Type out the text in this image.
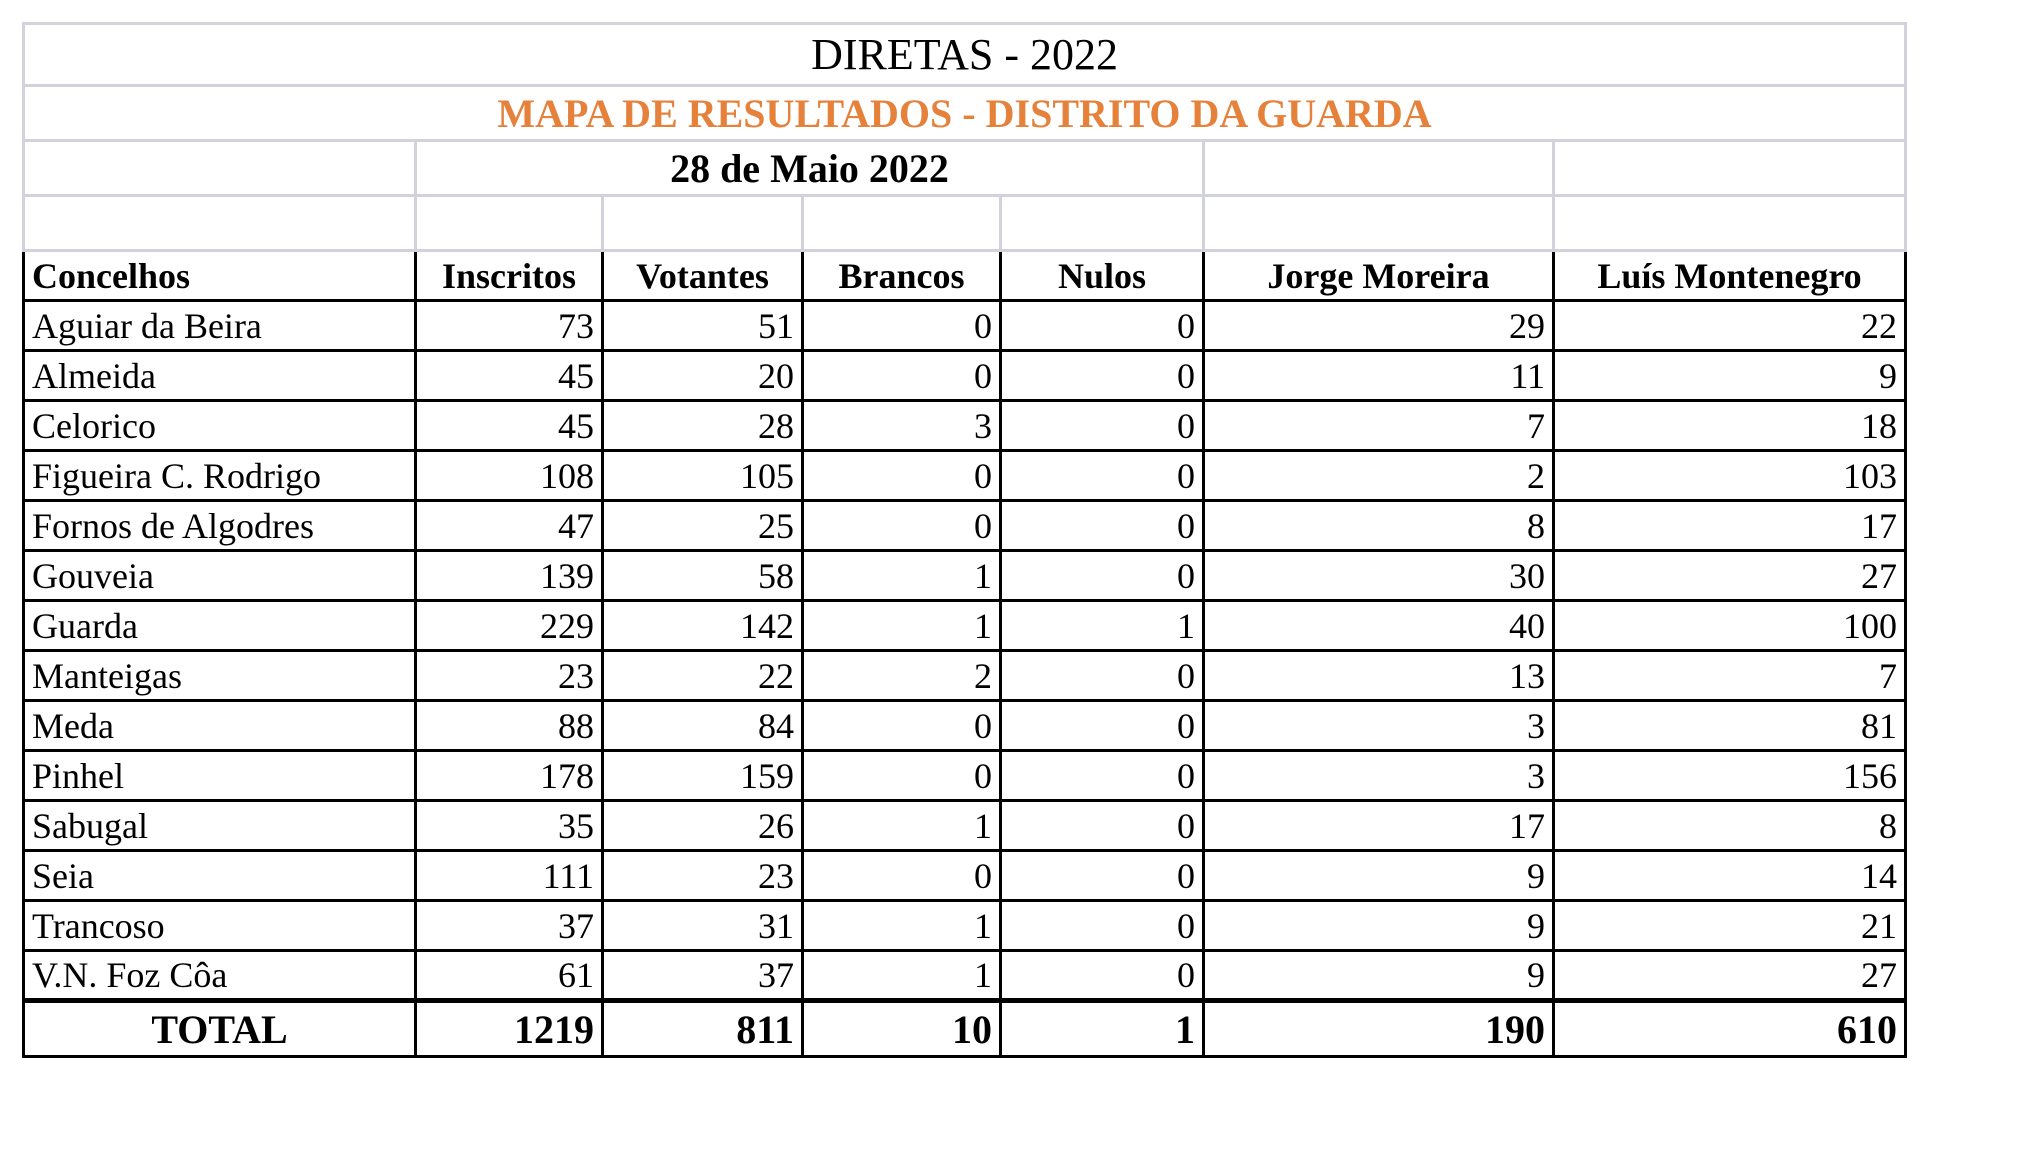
DIRETAS - 2022						
MAPA DE RESULTADOS - DISTRITO DA GUARDA						
	28 de Maio 2022					

Concelhos	Inscritos	Votantes	Brancos	Nulos	Jorge Moreira	Luís Montenegro
Aguiar da Beira	73	51	0	0	29	22
Almeida	45	20	0	0	11	9
Celorico	45	28	3	0	7	18
Figueira C. Rodrigo	108	105	0	0	2	103
Fornos de Algodres	47	25	0	0	8	17
Gouveia	139	58	1	0	30	27
Guarda	229	142	1	1	40	100
Manteigas	23	22	2	0	13	7
Meda	88	84	0	0	3	81
Pinhel	178	159	0	0	3	156
Sabugal	35	26	1	0	17	8
Seia	111	23	0	0	9	14
Trancoso	37	31	1	0	9	21
V.N. Foz Côa	61	37	1	0	9	27
TOTAL	1219	811	10	1	190	610
